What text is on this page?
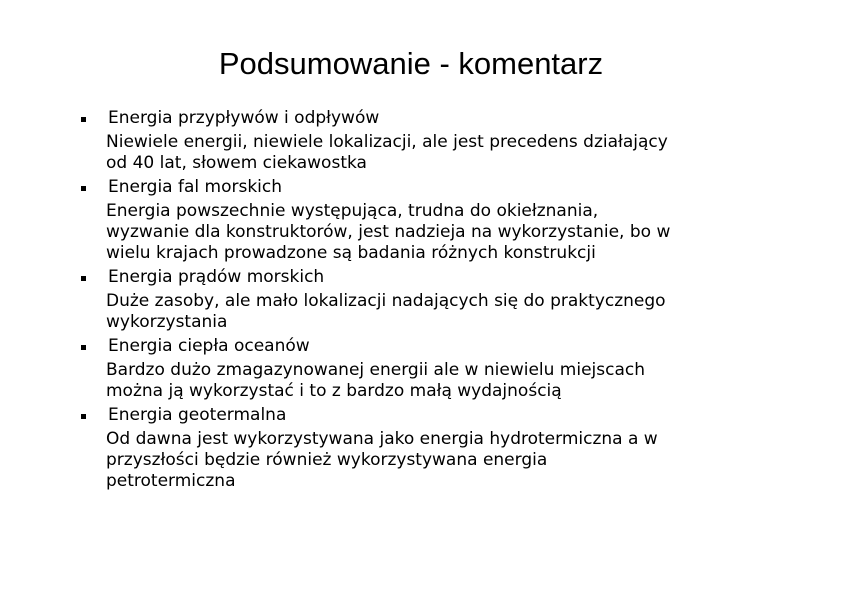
Podsumowanie - komentarz
Energia przypływów i odpływów
Niewiele energii, niewiele lokalizacji, ale jest precedens działający
od 40 lat, słowem ciekawostka
Energia fal morskich
Energia powszechnie występująca, trudna do okiełznania,
wyzwanie dla konstruktorów, jest nadzieja na wykorzystanie, bo w
wielu krajach prowadzone są badania różnych konstrukcji
Energia prądów morskich
Duże zasoby, ale mało lokalizacji nadających się do praktycznego
wykorzystania
Energia ciepła oceanów
Bardzo dużo zmagazynowanej energii ale w niewielu miejscach
można ją wykorzystać i to z bardzo małą wydajnością
Energia geotermalna
Od dawna jest wykorzystywana jako energia hydrotermiczna a w
przyszłości będzie również wykorzystywana energia
petrotermiczna
